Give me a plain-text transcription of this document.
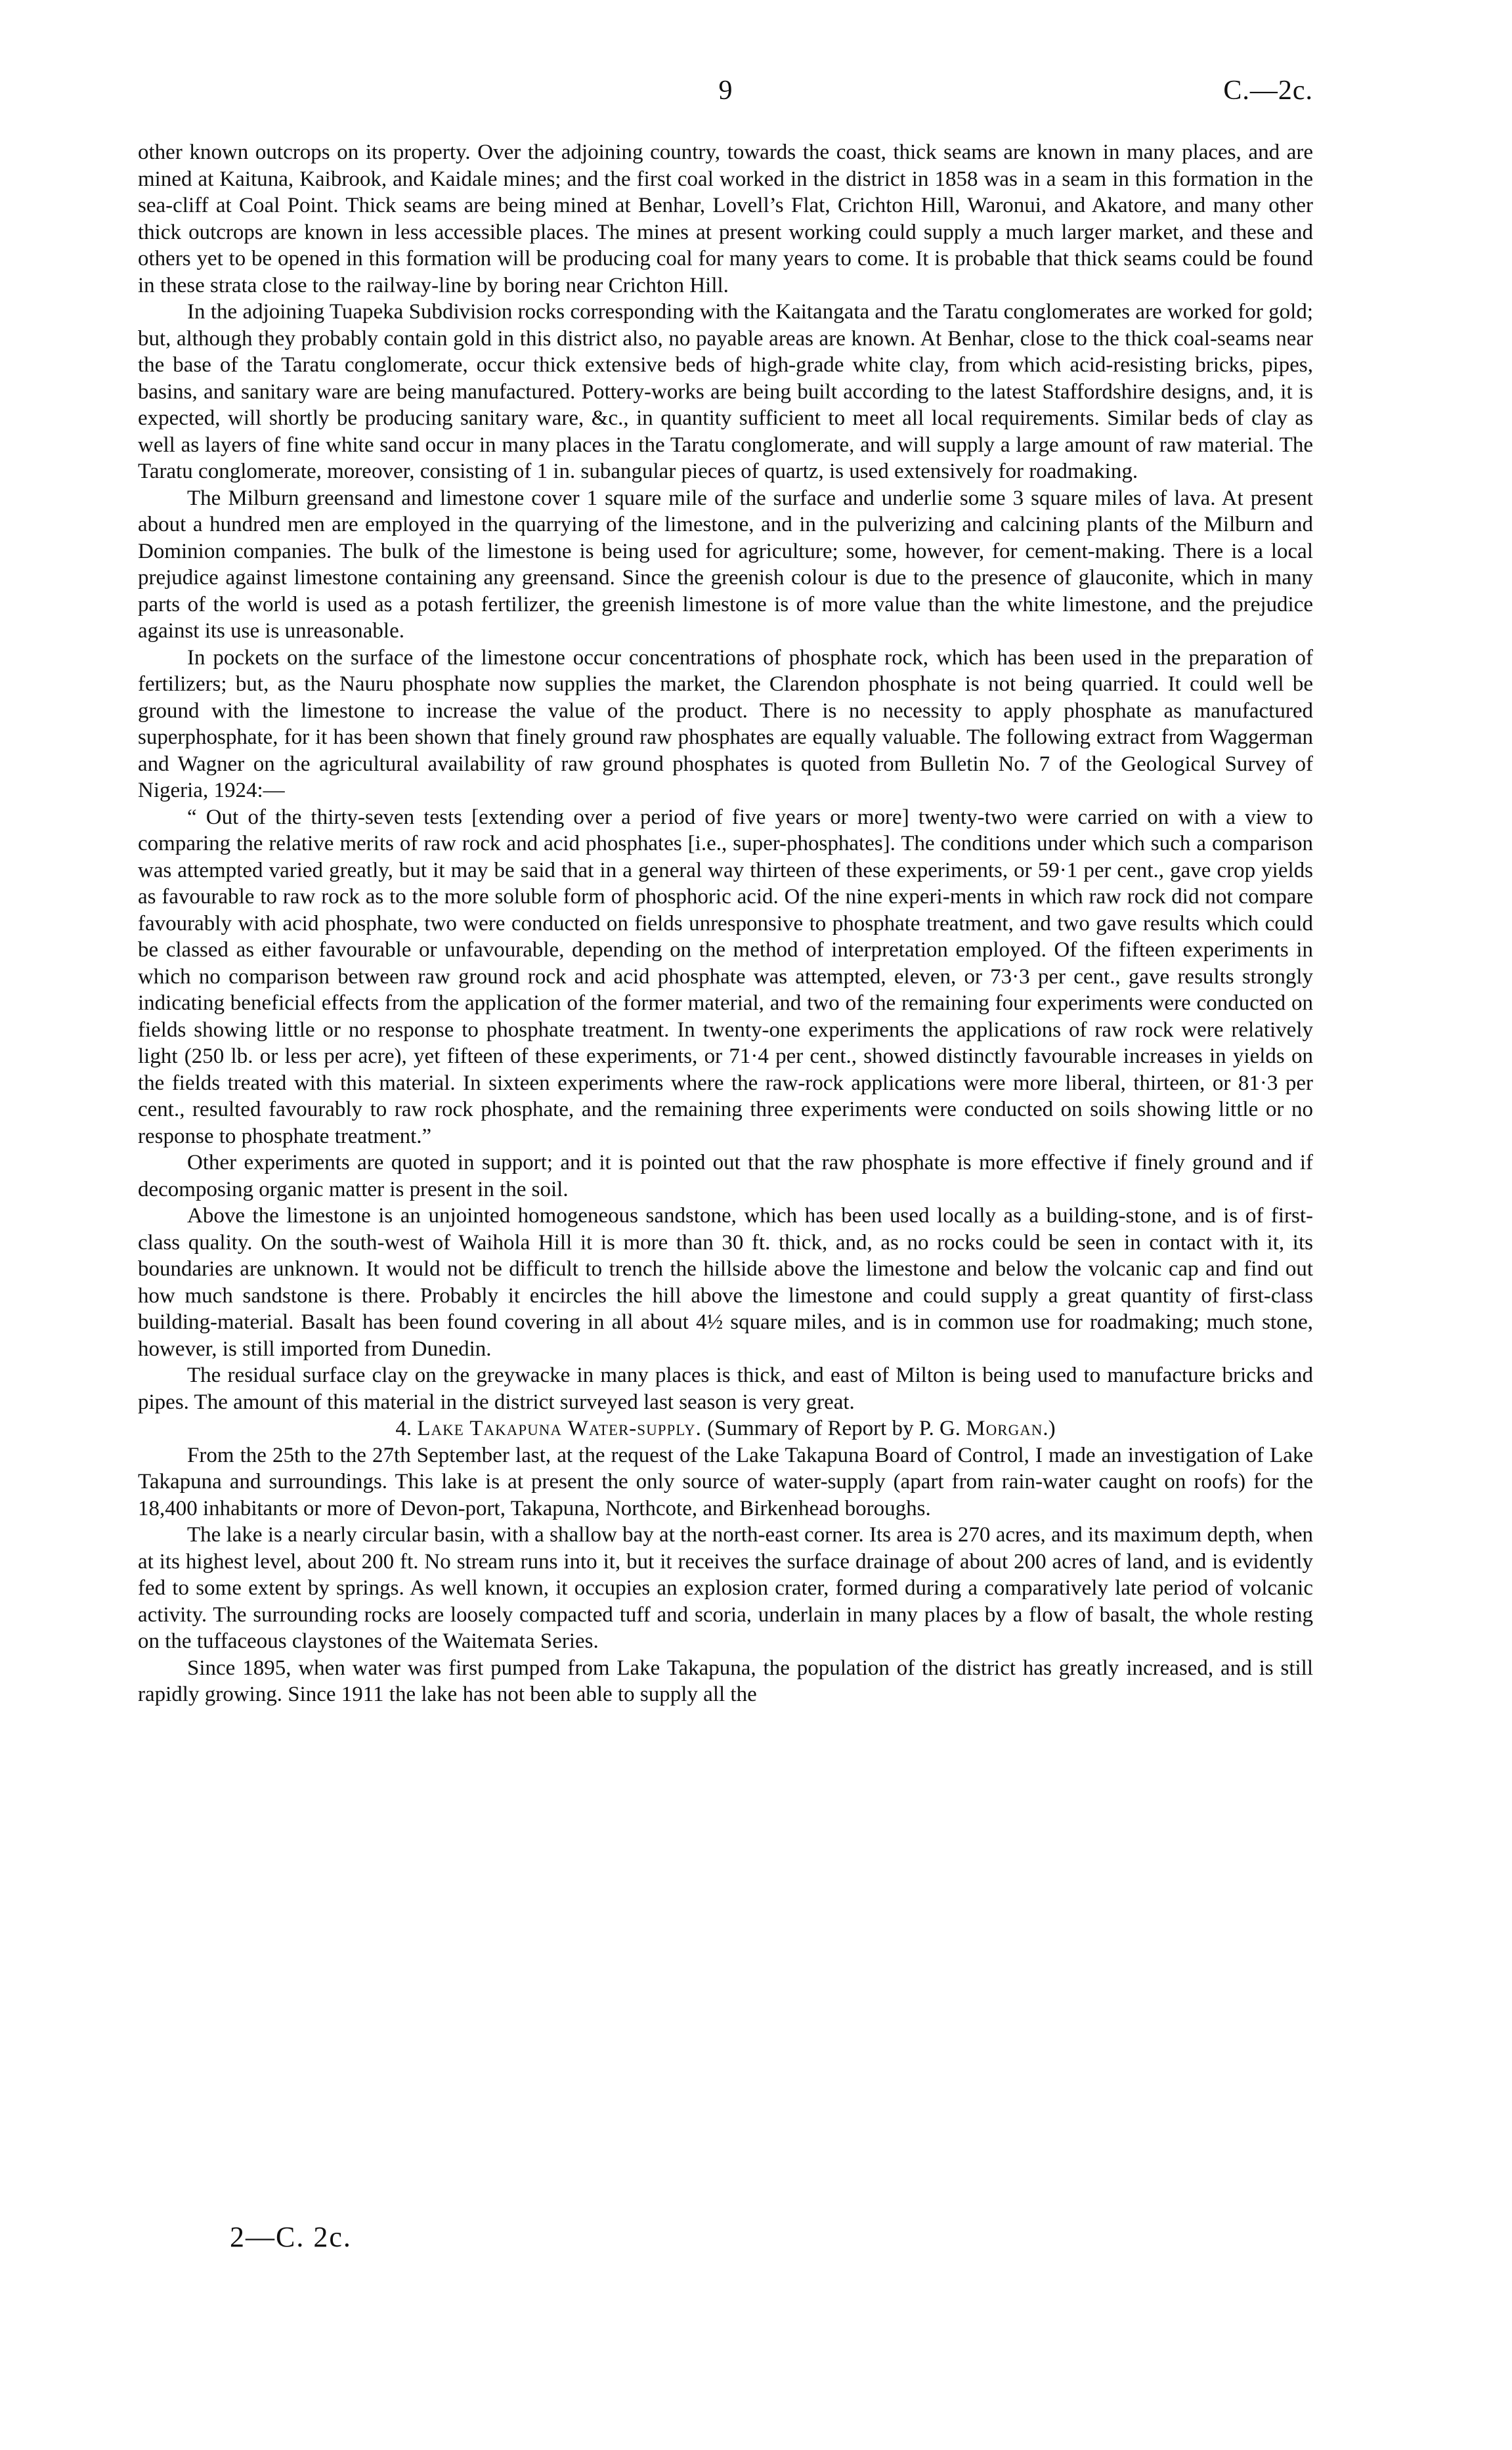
9	C.—2c.

other known outcrops on its property. Over the adjoining country, towards the coast, thick seams are known in many places, and are mined at Kaituna, Kaibrook, and Kaidale mines; and the first coal worked in the district in 1858 was in a seam in this formation in the sea-cliff at Coal Point. Thick seams are being mined at Benhar, Lovell’s Flat, Crichton Hill, Waronui, and Akatore, and many other thick outcrops are known in less accessible places. The mines at present working could supply a much larger market, and these and others yet to be opened in this formation will be producing coal for many years to come. It is probable that thick seams could be found in these strata close to the railway-line by boring near Crichton Hill.

In the adjoining Tuapeka Subdivision rocks corresponding with the Kaitangata and the Taratu conglomerates are worked for gold; but, although they probably contain gold in this district also, no payable areas are known. At Benhar, close to the thick coal-seams near the base of the Taratu conglomerate, occur thick extensive beds of high-grade white clay, from which acid-resisting bricks, pipes, basins, and sanitary ware are being manufactured. Pottery-works are being built according to the latest Staffordshire designs, and, it is expected, will shortly be producing sanitary ware, &c., in quantity sufficient to meet all local requirements. Similar beds of clay as well as layers of fine white sand occur in many places in the Taratu conglomerate, and will supply a large amount of raw material. The Taratu conglomerate, moreover, consisting of 1 in. subangular pieces of quartz, is used extensively for roadmaking.

The Milburn greensand and limestone cover 1 square mile of the surface and underlie some 3 square miles of lava. At present about a hundred men are employed in the quarrying of the limestone, and in the pulverizing and calcining plants of the Milburn and Dominion companies. The bulk of the limestone is being used for agriculture; some, however, for cement-making. There is a local prejudice against limestone containing any greensand. Since the greenish colour is due to the presence of glauconite, which in many parts of the world is used as a potash fertilizer, the greenish limestone is of more value than the white limestone, and the prejudice against its use is unreasonable.

In pockets on the surface of the limestone occur concentrations of phosphate rock, which has been used in the preparation of fertilizers; but, as the Nauru phosphate now supplies the market, the Clarendon phosphate is not being quarried. It could well be ground with the limestone to increase the value of the product. There is no necessity to apply phosphate as manufactured superphosphate, for it has been shown that finely ground raw phosphates are equally valuable. The following extract from Waggerman and Wagner on the agricultural availability of raw ground phosphates is quoted from Bulletin No. 7 of the Geological Survey of Nigeria, 1924:—

“ Out of the thirty-seven tests [extending over a period of five years or more] twenty-two were carried on with a view to comparing the relative merits of raw rock and acid phosphates [i.e., super-phosphates]. The conditions under which such a comparison was attempted varied greatly, but it may be said that in a general way thirteen of these experiments, or 59·1 per cent., gave crop yields as favourable to raw rock as to the more soluble form of phosphoric acid. Of the nine experi-ments in which raw rock did not compare favourably with acid phosphate, two were conducted on fields unresponsive to phosphate treatment, and two gave results which could be classed as either favourable or unfavourable, depending on the method of interpretation employed. Of the fifteen experiments in which no comparison between raw ground rock and acid phosphate was attempted, eleven, or 73·3 per cent., gave results strongly indicating beneficial effects from the application of the former material, and two of the remaining four experiments were conducted on fields showing little or no response to phosphate treatment. In twenty-one experiments the applications of raw rock were relatively light (250 lb. or less per acre), yet fifteen of these experiments, or 71·4 per cent., showed distinctly favourable increases in yields on the fields treated with this material. In sixteen experiments where the raw-rock applications were more liberal, thirteen, or 81·3 per cent., resulted favourably to raw rock phosphate, and the remaining three experiments were conducted on soils showing little or no response to phosphate treatment.”

Other experiments are quoted in support; and it is pointed out that the raw phosphate is more effective if finely ground and if decomposing organic matter is present in the soil.

Above the limestone is an unjointed homogeneous sandstone, which has been used locally as a building-stone, and is of first-class quality. On the south-west of Waihola Hill it is more than 30 ft. thick, and, as no rocks could be seen in contact with it, its boundaries are unknown. It would not be difficult to trench the hillside above the limestone and below the volcanic cap and find out how much sandstone is there. Probably it encircles the hill above the limestone and could supply a great quantity of first-class building-material. Basalt has been found covering in all about 4½ square miles, and is in common use for roadmaking; much stone, however, is still imported from Dunedin.

The residual surface clay on the greywacke in many places is thick, and east of Milton is being used to manufacture bricks and pipes. The amount of this material in the district surveyed last season is very great.

4. Lake Takapuna Water-supply. (Summary of Report by P. G. Morgan.)

From the 25th to the 27th September last, at the request of the Lake Takapuna Board of Control, I made an investigation of Lake Takapuna and surroundings. This lake is at present the only source of water-supply (apart from rain-water caught on roofs) for the 18,400 inhabitants or more of Devon-port, Takapuna, Northcote, and Birkenhead boroughs.

The lake is a nearly circular basin, with a shallow bay at the north-east corner. Its area is 270 acres, and its maximum depth, when at its highest level, about 200 ft. No stream runs into it, but it receives the surface drainage of about 200 acres of land, and is evidently fed to some extent by springs. As well known, it occupies an explosion crater, formed during a comparatively late period of volcanic activity. The surrounding rocks are loosely compacted tuff and scoria, underlain in many places by a flow of basalt, the whole resting on the tuffaceous claystones of the Waitemata Series.

Since 1895, when water was first pumped from Lake Takapuna, the population of the district has greatly increased, and is still rapidly growing. Since 1911 the lake has not been able to supply all the

2—C. 2c.
